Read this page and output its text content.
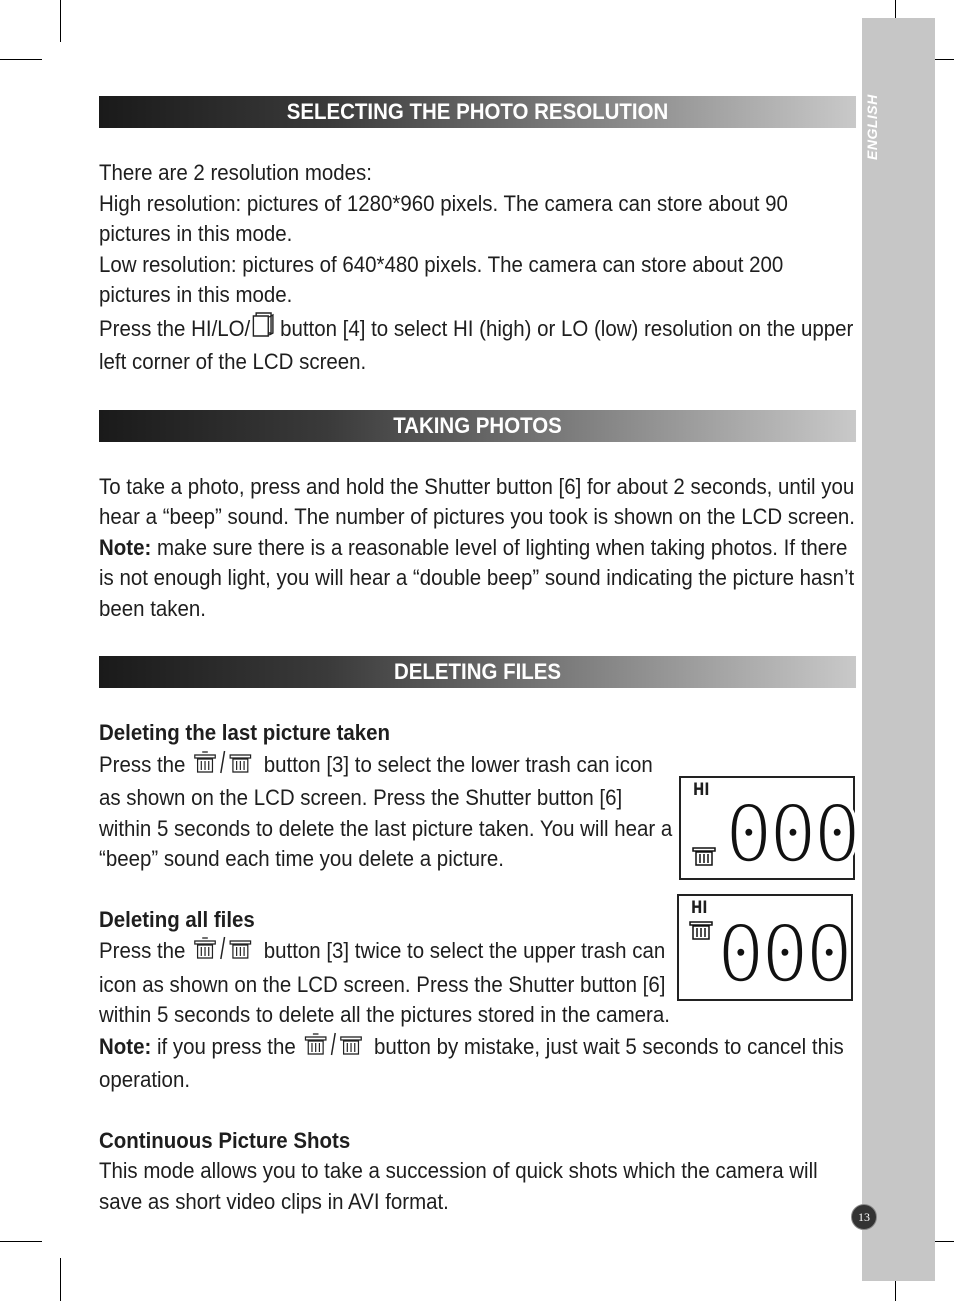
ENGLISH
SELECTING THE PHOTO RESOLUTION

There are 2 resolution modes:

High resolution: pictures of 1280*960 pixels. The camera can store about 90 pictures in this mode.

Low resolution: pictures of 640*480 pixels. The camera can store about 200 pictures in this mode.

Press the HI/LO/ button [4] to select HI (high) or LO (low) resolution on the upper left corner of the LCD screen.

TAKING PHOTOS

To take a photo, press and hold the Shutter button [6] for about 2 seconds, until you hear a “beep” sound. The number of pictures you took is shown on the LCD screen.

Note: make sure there is a reasonable level of lighting when taking photos. If there is not enough light, you will hear a “double beep” sound indicating the picture hasn’t been taken.

DELETING FILES

Deleting the last picture taken

Press the	button [3] to select the lower trash can icon as shown on the LCD screen. Press the Shutter button [6] within 5 seconds to delete the last picture taken. You will hear a “beep” sound each time you delete a picture.

Deleting all files

Press the	button [3] twice to select the upper trash can icon as shown on the LCD screen. Press the Shutter button [6] within 5 seconds to delete all the pictures stored in the camera.

Note: if you press the	button by mistake, just wait 5 seconds to cancel this operation.

Continuous Picture Shots

This mode allows you to take a succession of quick shots which the camera will save as short video clips in AVI format.

HI 000
HI 000
13
